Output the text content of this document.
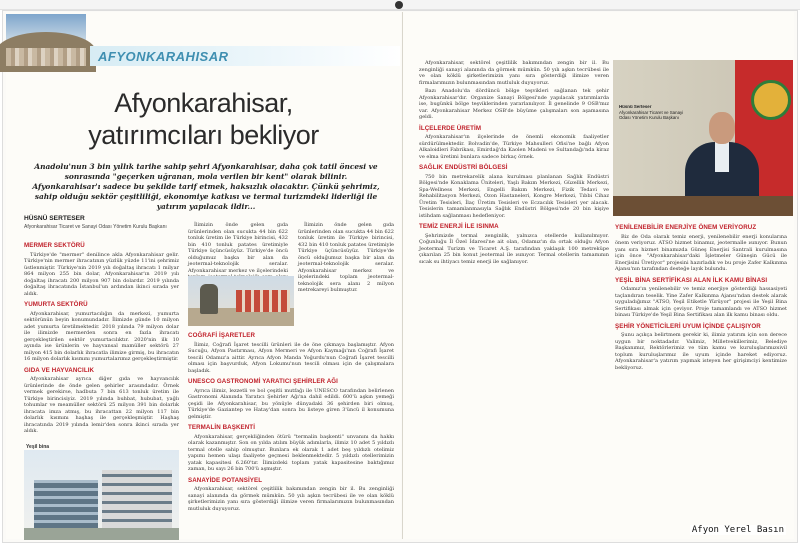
AFYONKARAHISAR
Afyonkarahisar,
yatırımcıları bekliyor
Anadolu'nun 3 bin yıllık tarihe sahip şehri Afyonkarahisar, daha çok tatil öncesi ve sonrasında "geçerken uğranan, mola verilen bir kent" olarak bilinir. Afyonkarahisar'ı sadece bu şekilde tarif etmek, haksızlık olacaktır. Çünkü şehrimiz, sahip olduğu sektör çeşitliliği, ekonomiye katkısı ve termal turizmdeki liderliği ile yatırım yapılacak ildir...
HÜSNÜ SERTESER
Afyonkarahisar Ticaret ve Sanayi Odası Yönetim Kurulu Başkanı
MERMER SEKTÖRÜ

Türkiye'de "mermer" denilince akla Afyonkarahisar gelir. Türkiye'nin mermer ihracatının yüzlük yüzde 11'ini şehrimiz üstlenmiştir. Türkiye'nin 2019 yılı doğaltaş ihracatı 1 milyar 864 milyon 255 bin dolar, Afyonkarahisar'ın 2019 yılı doğaltaş ihracatı 200 milyon 907 bin dolardır. 2019 yılında doğaltaş ihracatında İstanbul'un ardından ikinci sırada yer aldık.

YUMURTA SEKTÖRÜ

Afyonkarahisar, yumurtacılığın da merkezi, yumurta sektörünün beyin konumundadır. İlimizde günde 10 milyon adet yumurta üretilmektedir. 2018 yılında 79 milyon dolar ile ilimizde mermerden sonra en fazla ihracatı gerçekleştirilen sektör yumurtacılıktır. 2020'nin ilk 10 ayında ise ürünlerin ve hayvansal mamüller sektörü 27 milyon 415 bin dolarlık ihracatla ilimize girmiş, bu ihracatın 16 milyon dolarlık kısmını yumurtalarımız gerçekleştirmiştir.

GIDA VE HAYVANCILIK

Afyonkarahisar ayrıca diğer gıda ve hayvancılık ürünlerinde de önde gelen şehirler arasındadır. Örnek vermek gerekirse, hadbuta 7 bin 613 tonluk üretim ile Türkiye birincisiyiz. 2019 yılında buhbat, hububat, yağlı tohumlar ve meamüller sektörü 25 milyon 391 bin dolarlık ihracata imza atmış, bu ihracattan 22 milyon 117 bin dolarlık kısmını haşhaş ile gerçekleşmiştir. Haşhaş ihracatında 2019 yılında lemir'den sonra ikinci sırada yer aldık.

İlimizin önde gelen gıda ürünlerinden olan sucukta 44 bin 622 tonluk üretim ile Türkiye birincisi, 432 bin 410 tonluk patates üretimiyle Türkiye üçüncüsüyüz. Türkiye'de öncü olduğumuz başka bir alan da jeotermal-teknolojik seralar. Afyonkarahisar merkez ve ilçelerindeki

İlimizin önde gelen gıda ürünlerinden olan sucukta 44 bin 622 tonluk üretim ile Türkiye birincisi, 432 bin 410 tonluk patates üretimiyle Türkiye üçüncüsüyüz. Türkiye'de öncü olduğumuz başka bir alan da jeotermal-teknolojik seralar. Afyonkarahisar merkez ve ilçelerindeki toplam jeotermal-teknolojik sera alanı 2 milyon metrekareyi bulmuştur.

COĞRAFİ İŞARETLER

İlimiz, Coğrafi İşaret tescilli ürünleri ile de öne çıkmaya başlamıştır. Afyon Sucuğu, Afyon Pastırması, Afyon Mermeri ve Afyon Kaymağı'nın Coğrafi İşaret tescili Odamız'a aittir. Ayrıca Afyon Manda Yoğurdu'nun Coğrafi İşaret tescilli olması için başvurduk, Afyon Lokumu'nun tescili olması için de çalışmalara başladık.

UNESCO GASTRONOMİ YARATICI ŞEHİRLER AĞI

Ayrıca ilimiz, lezzetli ve bol çeşitli mutfağı ile UNESCO tarafından belirlenen Gastronomi Alanında Yaratıcı Şehirler Ağı'na dahil edildi. 600'ü aşkın yemeği çeşidi ile Afyonkarahisar, bu yönüyle dünyadaki 36 şehirden biri olmuş, Türkiye'de Gaziantep ve Hatay'dan sonra bu listeye giren 3'üncü il konumuna gelmiştir.

TERMALİN BAŞKENTİ

Afyonkarahisar, gerçekliğinden ötürü "termalin başkenti" unvanını da hakkı olarak kazanmıştır. Son on yılda atılım büyük adımlarla, ilimiz 10 adet 5 yıldızlı termal otelle sahip olmuştur. Bunlara ek olarak 1 adet beş yıldızlı otelimiz yapımı hemen ulaşı faaliyete geçmesi beklenmektedir. 5 yıldızlı otellerimizin yatak kapasitesi 6.260'tır. İlimizdeki toplam yatak kapasitesine baktığımız zaman, bu sayı 26 bin 700'ü aşmıştır.

SANAYİDE POTANSİYEL

Afyonkarahisar, sektörel çeşitlilik bakımından zengin bir il. Bu zenginliği sanayi alanında da görmek mümkün. 50 yılı aşkın tecrübesi ile ve olan köklü şirketlerimizin yanı sıra gösterdiği ilimize veren firmalarımızın bulunmasından mutluluk duyuyoruz.

Yeşil bina

Afyonkarahisar, sektörel çeşitlilik bakımından zengin bir il. Bu zenginliği sanayi alanında da görmek mümkün. 50 yılı aşkın tecrübesi ile ve olan köklü şirketlerimizin yanı sıra gösterdiği ilimize veren firmalarımızın bulunmasından mutluluk duyuyoruz.

Bazı Anadolu'da dördüncü bölge teşvikleri sağlanan tek şehir Afyonkarahisar'dır. Organize Sanayi Bölgesi'nde yapılacak yatırımlarda ise, bugünkü bölge teşviklerinden yararlanılıyor. İl genelinde 9 OSB'mız var. Afyonkarahisar Merkez OSB'de büyüme çalışmaları son aşamasına geldi.

İLÇELERDE ÜRETİM

Afyonkarahisar'ın ilçelerinde de önemli ekonomik faaliyetler sürdürülmektedir. Bolvadin'de, Türkiye Mahsulleri Ofisi'ne bağlı Afyon Alkaloidleri Fabrikası, Emirdağ'da Kaolen Madeni ve Sultandağı'nda kiraz ve elma üretimi bunlara sadece birkaç örnek.

SAĞLIK ENDÜSTRİ BÖLGESİ

750 bin metrekarelik alana kurulması planlanan Sağlık Endüstri Bölgesi'nde Konaklama Üniteleri, Yaşlı Bakım Merkezi, Güzellik Merkezi, Spa-Wellness Merkezi, Engelli Bakım Merkezi, Fizik Tedavi ve Rehabilitasyon Merkezi, Ozon Hastaneleri, Kongre Merkezi, Tıbbi Cihaz Üretim Tesisleri, İlaç Üretim Tesisleri ve Eczacılık Tesisleri yer alacak. Tesislerin tamamlanmasıyla Sağlık Endüstri Bölgesi'nde 20 bin kişiye istihdam sağlanması hedefleniyor.

TEMİZ ENERJİ İLE ISINMA

Şehrimizde termal zenginlik, yalnızca otellerde kullanılmıyor. Çoğunluğu İl Özel İdaresi'ne ait olan, Odamız'ın da ortak olduğu Afyon Jeotermal Turizm ve Ticaret A.Ş. tarafından yaklaşık 100 metreküpe çıkarılan 25 bin konut jeotermal ile ısınıyor. Termal otellerin tamamının sıcak su ihtiyacı temiz enerji ile sağlanıyor.

Hüsnü Serteser
Afyonkarahisar Ticaret ve Sanayi Odası Yönetim Kurulu Başkanı
YENİLENEBİLİR ENERJİYE ÖNEM VERİYORUZ

Biz de Oda olarak temiz enerji, yenilenebilir enerji konularına önem veriyoruz. ATSO hizmet binamız, jeotermalle ısınıyor. Bunun yanı sıra hizmet binamızda Güneş Enerjisi Santrali kurulmasına için önce "Afyonkarahisar'daki İşletmeler Güneşin Gücü ile Enerjisini Üretiyor" projesini hazırladık ve bu proje Zafer Kalkınma Ajansı'nın tarafından desteğe layık bulundu.

YEŞİL BİNA SERTİFİKASI ALAN İLK KAMU BİNASI

Odamız'ın yenilenebilir ve temiz enerjiye gösterdiği hassasiyeti taçlandıran teselik. Yine Zafer Kalkınma Ajansı'ndan destek alarak uyguladığımız "ATSO, Yeşil Etiketle Yürüyor" projesi ile Yeşil Bina Sertifikası almak için çeviyor. Proje tamamlandı ve ATSO hizmet binası Türkiye'de Yeşil Bina Sertifikası alan ilk kamu binası oldu.

ŞEHİR YÖNETİCİLERİ UYUM İÇİNDE ÇALIŞIYOR

Şunu açıkça belirtmem gerekir ki, ilimiz yatırım için son derece uygun bir noktadadır. Valimiz, Milletvekillerimiz, Belediye Başkanımız, Rektörlerimiz ve tüm kamu ve kuruluşlarımızsivil toplum kuruluşlarımız ile uyum içinde hareket ediyoruz. Afyonkarahisar'a yatırım yapmak isteyen her girişimciyi kentimize bekliyoruz.

Afyon Yerel Basın
